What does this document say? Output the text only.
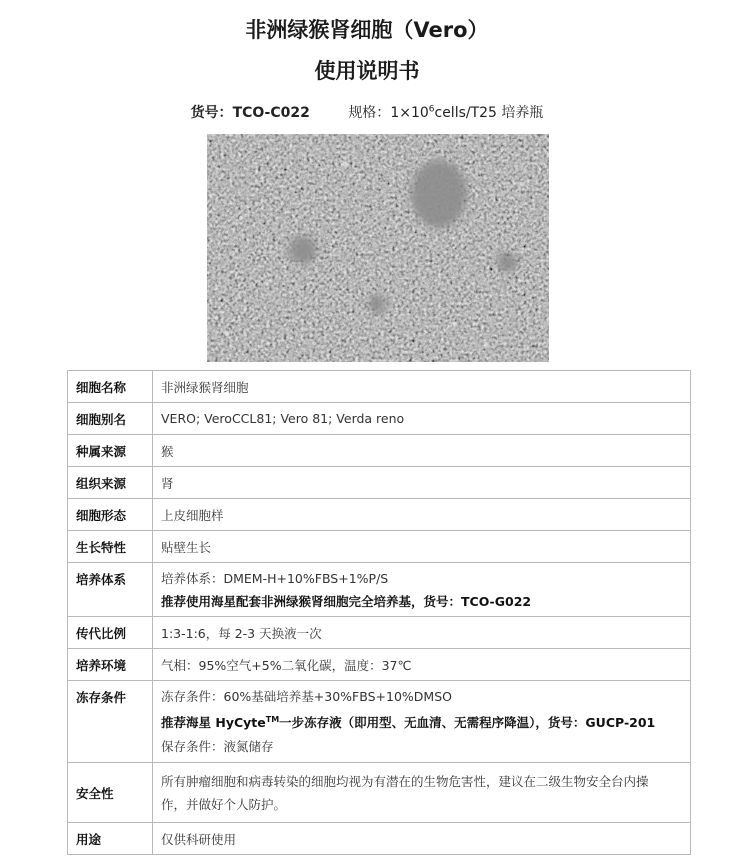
非洲绿猴肾细胞（Vero）
使用说明书
货号：TCO-C022	规格：$1\times 10^6cells/T25$ 培养瓶
细胞名称	非洲绿猴肾细胞
细胞别名	VERO; VeroCCL81; Vero 81; Verda reno
种属来源	猴
组织来源	肾
细胞形态	上皮细胞样
生长特性	贴壁生长
培养体系	培养体系：DMEM-H+10%FBS+1%P/S
推荐使用海星配套非洲绿猴肾细胞完全培养基，货号：TCO-G022

传代比例	1:3-1:6，每 2-3 天换液一次
培养环境	气相：95%空气+5%二氧化碳，温度：37℃
冻存条件	冻存条件：60%基础培养基+30%FBS+10%DMSO
推荐海星 HyCyte™一步冻存液（即用型、无血清、无需程序降温），货号：GUCP-201
保存条件：液氮储存

安全性	所有肿瘤细胞和病毒转染的细胞均视为有潜在的生物危害性，建议在二级生物安全台内操
作，并做好个人防护。

用途	仅供科研使用
